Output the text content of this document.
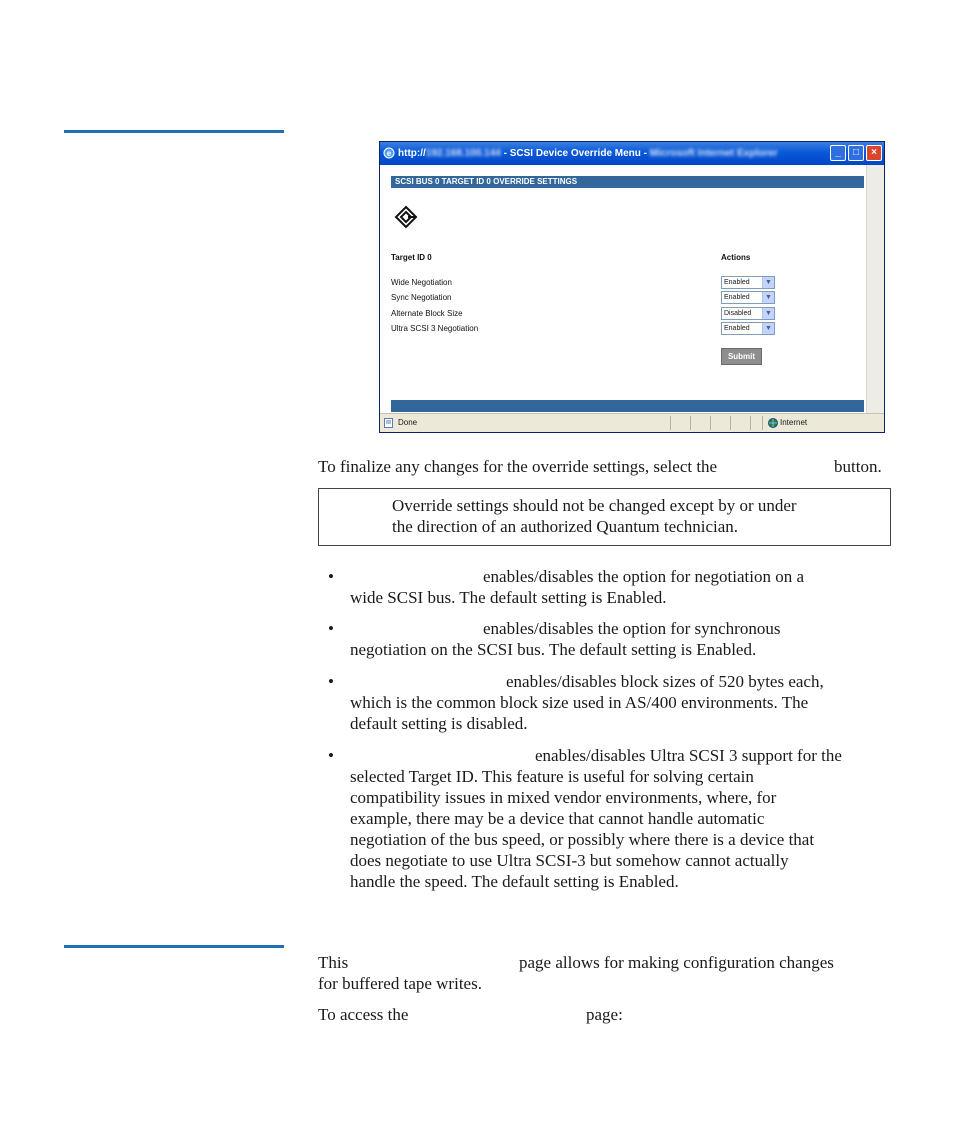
e http://192.168.100.144 - SCSI Device Override Menu - Microsoft Internet Explorer	_	□	×
SCSI BUS 0 TARGET ID 0 OVERRIDE SETTINGS
Target ID 0	Actions
Wide Negotiation	Enabled	▼
Sync Negotiation	Enabled	▼
Alternate Block Size	Disabled	▼
Ultra SCSI 3 Negotiation	Enabled	▼
Submit
Done	Internet
To finalize any changes for the override settings, select the	button.
Override settings should not be changed except by or under
the direction of an authorized Quantum technician.
•	enables/disables the option for negotiation on a
wide SCSI bus. The default setting is Enabled.
•	enables/disables the option for synchronous
negotiation on the SCSI bus. The default setting is Enabled.
•	enables/disables block sizes of 520 bytes each,
which is the common block size used in AS/400 environments. The
default setting is disabled.
•	enables/disables Ultra SCSI 3 support for the
selected Target ID. This feature is useful for solving certain
compatibility issues in mixed vendor environments, where, for
example, there may be a device that cannot handle automatic
negotiation of the bus speed, or possibly where there is a device that
does negotiate to use Ultra SCSI-3 but somehow cannot actually
handle the speed. The default setting is Enabled.
This	page allows for making configuration changes
for buffered tape writes.
To access the	page:
